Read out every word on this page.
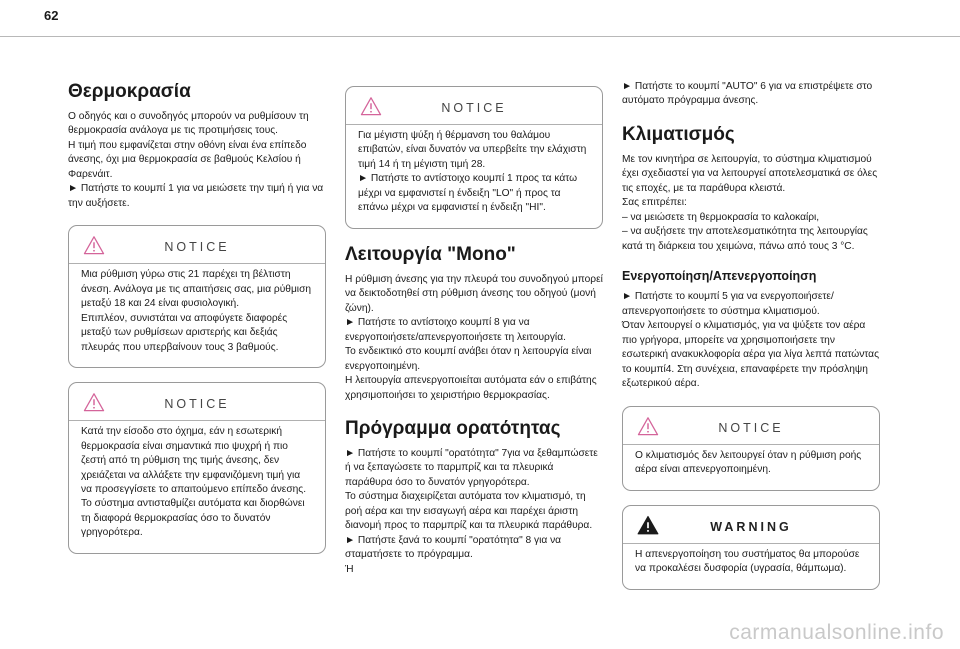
62
Θερμοκρασία

Ο οδηγός και ο συνοδηγός μπορούν να ρυθμίσουν τη θερμοκρασία ανάλογα με τις προτιμήσεις τους.
Η τιμή που εμφανίζεται στην οθόνη είναι ένα επίπεδο άνεσης, όχι μια θερμοκρασία σε βαθμούς Κελσίου ή Φαρενάιτ.
► Πατήστε το κουμπί 1 για να μειώσετε την τιμή ή για να την αυξήσετε.

NOTICE

Μια ρύθμιση γύρω στις 21 παρέχει τη βέλτιστη άνεση. Ανάλογα με τις απαιτήσεις σας, μια ρύθμιση μεταξύ 18 και 24 είναι φυσιολογική.
Επιπλέον, συνιστάται να αποφύγετε διαφορές μεταξύ των ρυθμίσεων αριστερής και δεξιάς πλευράς που υπερβαίνουν τους 3 βαθμούς.

NOTICE

Κατά την είσοδο στο όχημα, εάν η εσωτερική θερμοκρασία είναι σημαντικά πιο ψυχρή ή πιο ζεστή από τη ρύθμιση της τιμής άνεσης, δεν χρειάζεται να αλλάξετε την εμφανιζόμενη τιμή για να προσεγγίσετε το απαιτούμενο επίπεδο άνεσης. Το σύστημα αντισταθμίζει αυτόματα και διορθώνει τη διαφορά θερμοκρασίας όσο το δυνατόν γρηγορότερα.

NOTICE

Για μέγιστη ψύξη ή θέρμανση του θαλάμου επιβατών, είναι δυνατόν να υπερβείτε την ελάχιστη τιμή 14 ή τη μέγιστη τιμή 28.
► Πατήστε το αντίστοιχο κουμπί 1 προς τα κάτω μέχρι να εμφανιστεί η ένδειξη "LO" ή προς τα επάνω μέχρι να εμφανιστεί η ένδειξη "HI".

Λειτουργία "Mono"

Η ρύθμιση άνεσης για την πλευρά του συνοδηγού μπορεί να δεικτοδοτηθεί στη ρύθμιση άνεσης του οδηγού (μονή ζώνη).
► Πατήστε το αντίστοιχο κουμπί 8 για να ενεργοποιήσετε/απενεργοποιήσετε τη λειτουργία.
Το ενδεικτικό στο κουμπί ανάβει όταν η λειτουργία είναι ενεργοποιημένη.
Η λειτουργία απενεργοποιείται αυτόματα εάν ο επιβάτης χρησιμοποιήσει το χειριστήριο θερμοκρασίας.

Πρόγραμμα ορατότητας

► Πατήστε το κουμπί "ορατότητα" 7για να ξεθαμπώσετε ή να ξεπαγώσετε το παρμπρίζ και τα πλευρικά παράθυρα όσο το δυνατόν γρηγορότερα.
Το σύστημα διαχειρίζεται αυτόματα τον κλιματισμό, τη ροή αέρα και την εισαγωγή αέρα και παρέχει άριστη διανομή προς το παρμπρίζ και τα πλευρικά παράθυρα.
► Πατήστε ξανά το κουμπί "ορατότητα" 8 για να σταματήσετε το πρόγραμμα.
Ή

► Πατήστε το κουμπί "AUTO" 6 για να επιστρέψετε στο αυτόματο πρόγραμμα άνεσης.

Κλιματισμός

Με τον κινητήρα σε λειτουργία, το σύστημα κλιματισμού έχει σχεδιαστεί για να λειτουργεί αποτελεσματικά σε όλες τις εποχές, με τα παράθυρα κλειστά.
Σας επιτρέπει:
– να μειώσετε τη θερμοκρασία το καλοκαίρι,
– να αυξήσετε την αποτελεσματικότητα της λειτουργίας κατά τη διάρκεια του χειμώνα, πάνω από τους 3 °C.

Ενεργοποίηση/Απενεργοποίηση

► Πατήστε το κουμπί 5 για να ενεργοποιήσετε/απενεργοποιήσετε το σύστημα κλιματισμού.
Όταν λειτουργεί ο κλιματισμός, για να ψύξετε τον αέρα πιο γρήγορα, μπορείτε να χρησιμοποιήσετε την εσωτερική ανακυκλοφορία αέρα για λίγα λεπτά πατώντας το κουμπί4. Στη συνέχεια, επαναφέρετε την πρόσληψη εξωτερικού αέρα.

NOTICE

Ο κλιματισμός δεν λειτουργεί όταν η ρύθμιση ροής αέρα είναι απενεργοποιημένη.

WARNING

Η απενεργοποίηση του συστήματος θα μπορούσε να προκαλέσει δυσφορία (υγρασία, θάμπωμα).

carmanualsonline.info
